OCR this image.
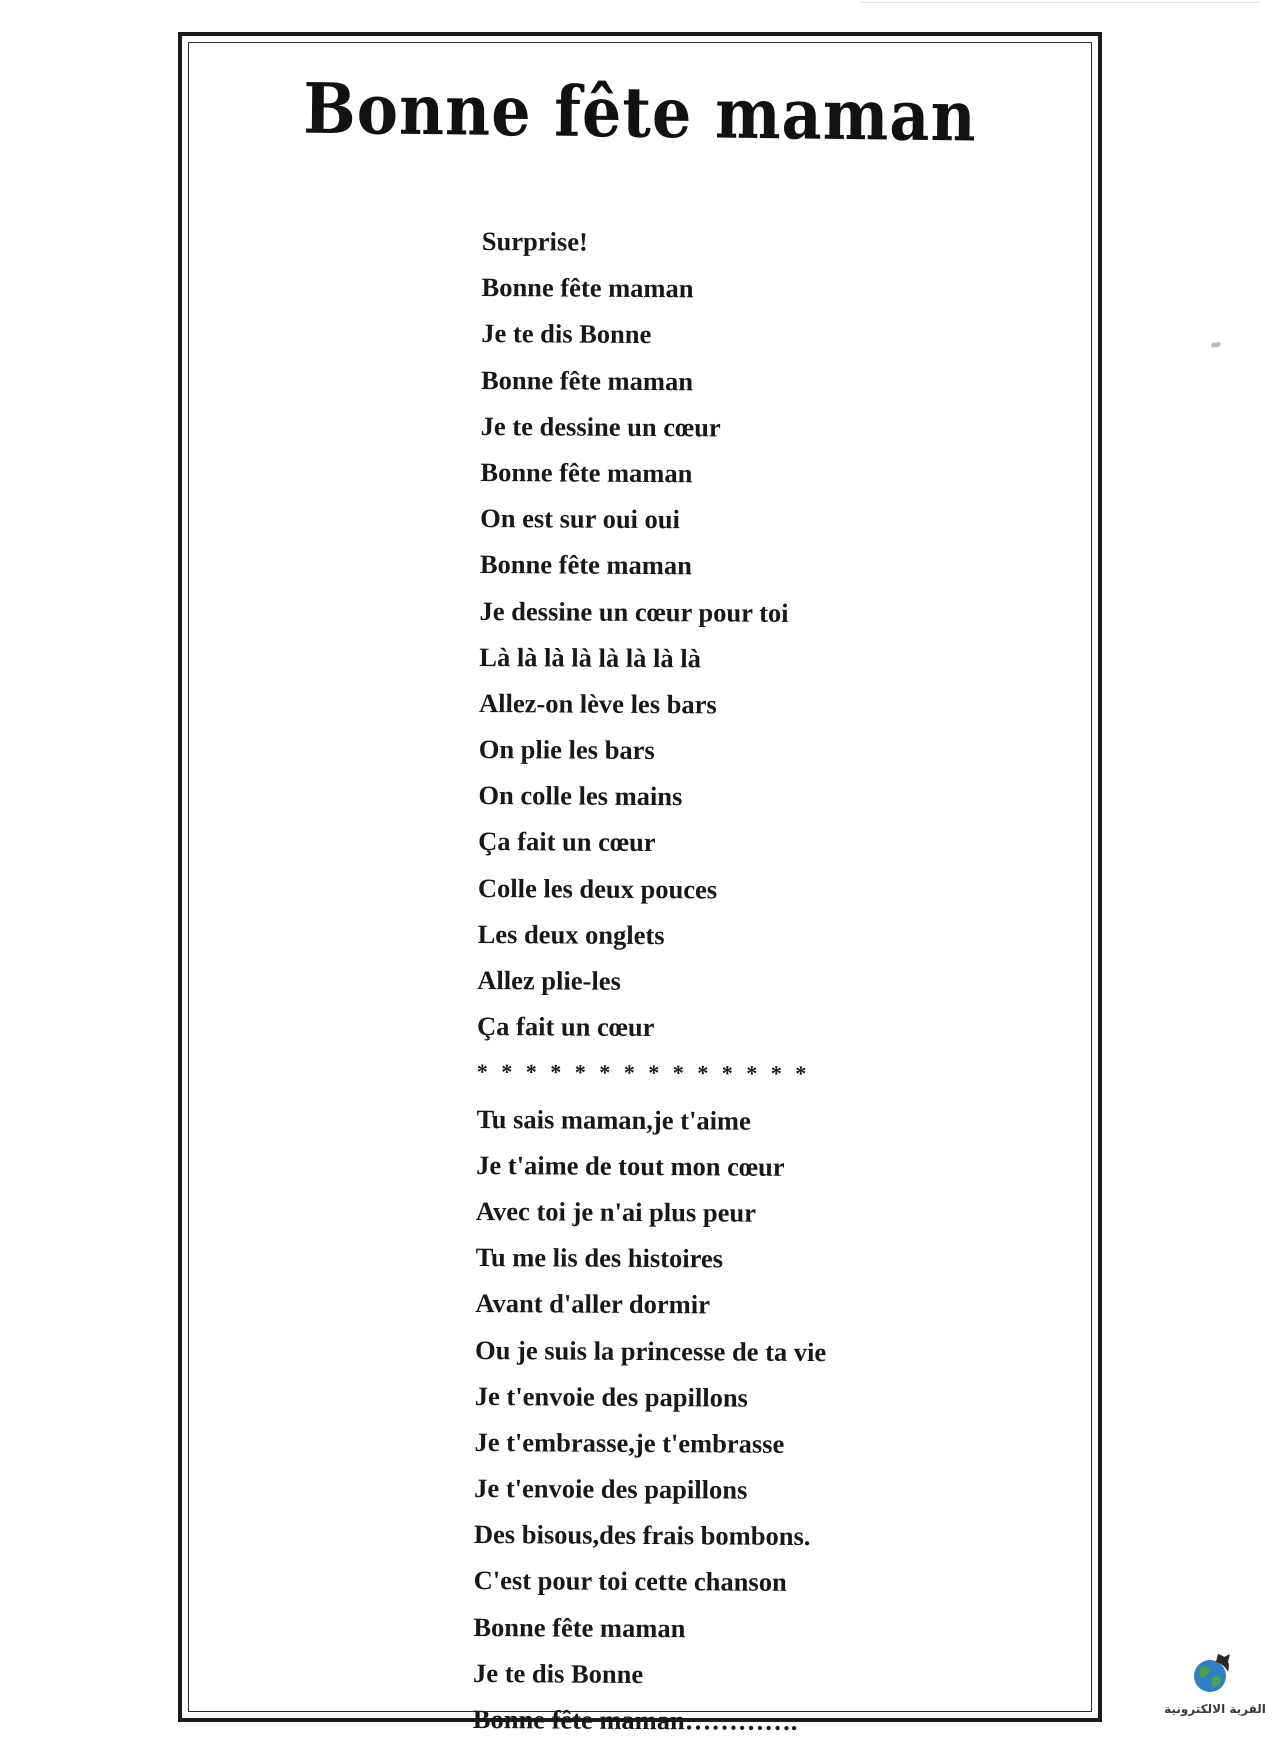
Bonne fête maman
Surprise!
Bonne fête maman
Je te dis Bonne
Bonne fête maman
Je te dessine un cœur
Bonne fête maman
On est sur oui oui
Bonne fête maman
Je dessine un cœur pour toi
Là là là là là là là là
Allez-on lève les bars
On plie les bars
On colle les mains
Ça fait un cœur
Colle les deux pouces
Les deux onglets
Allez plie-les
Ça fait un cœur
* * * * * * * * * * * * * *
Tu sais maman,je t'aime
Je t'aime de tout mon cœur
Avec toi je n'ai plus peur
Tu me lis des histoires
Avant d'aller dormir
Ou je suis la princesse de ta vie
Je t'envoie des papillons
Je t'embrasse,je t'embrasse
Je t'envoie des papillons
Des bisous,des frais bombons.
C'est pour toi cette chanson
Bonne fête maman
Je te dis Bonne
Bonne fête maman………….	القرية الالكترونية
